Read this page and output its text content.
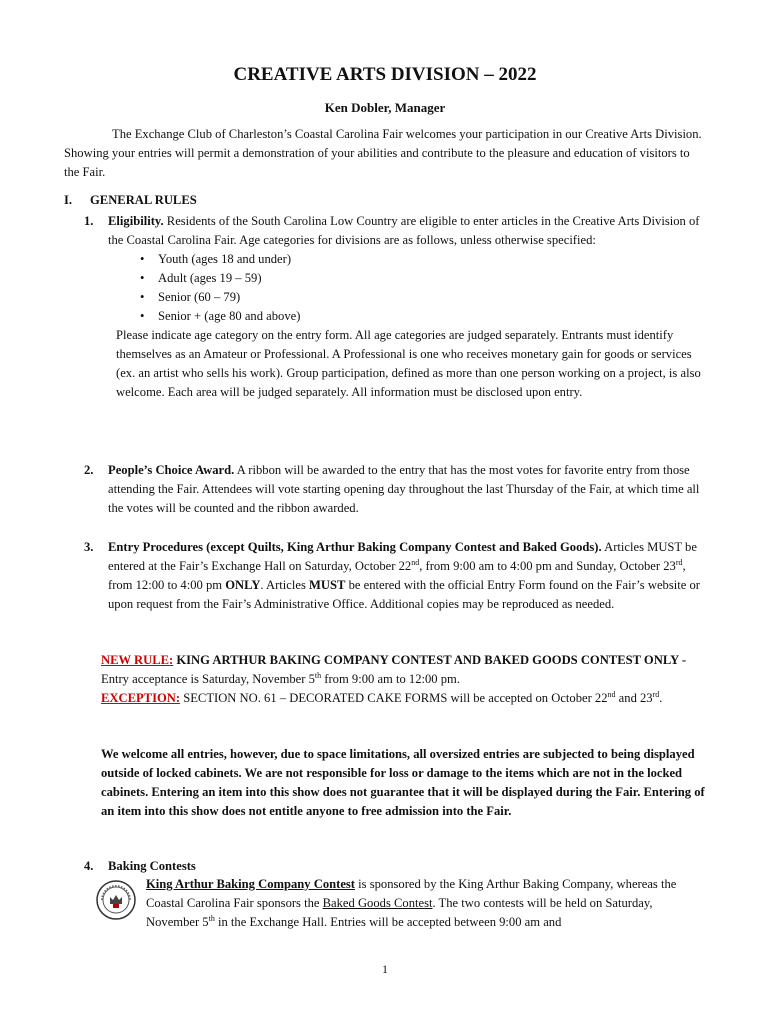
CREATIVE ARTS DIVISION – 2022
Ken Dobler, Manager
The Exchange Club of Charleston’s Coastal Carolina Fair welcomes your participation in our Creative Arts Division. Showing your entries will permit a demonstration of your abilities and contribute to the pleasure and education of visitors to the Fair.
I. GENERAL RULES
1. Eligibility. Residents of the South Carolina Low Country are eligible to enter articles in the Creative Arts Division of the Coastal Carolina Fair. Age categories for divisions are as follows, unless otherwise specified:
• Youth (ages 18 and under)
• Adult (ages 19 – 59)
• Senior (60 – 79)
• Senior + (age 80 and above)
Please indicate age category on the entry form. All age categories are judged separately. Entrants must identify themselves as an Amateur or Professional. A Professional is one who receives monetary gain for goods or services (ex. an artist who sells his work). Group participation, defined as more than one person working on a project, is also welcome. Each area will be judged separately. All information must be disclosed upon entry.
2. People’s Choice Award. A ribbon will be awarded to the entry that has the most votes for favorite entry from those attending the Fair. Attendees will vote starting opening day throughout the last Thursday of the Fair, at which time all the votes will be counted and the ribbon awarded.
3. Entry Procedures (except Quilts, King Arthur Baking Company Contest and Baked Goods). Articles MUST be entered at the Fair’s Exchange Hall on Saturday, October 22nd, from 9:00 am to 4:00 pm and Sunday, October 23rd, from 12:00 to 4:00 pm ONLY. Articles MUST be entered with the official Entry Form found on the Fair’s website or upon request from the Fair’s Administrative Office. Additional copies may be reproduced as needed.
NEW RULE: KING ARTHUR BAKING COMPANY CONTEST AND BAKED GOODS CONTEST ONLY - Entry acceptance is Saturday, November 5th from 9:00 am to 12:00 pm.
EXCEPTION: SECTION NO. 61 – DECORATED CAKE FORMS will be accepted on October 22nd and 23rd.
We welcome all entries, however, due to space limitations, all oversized entries are subjected to being displayed outside of locked cabinets. We are not responsible for loss or damage to the items which are not in the locked cabinets. Entering an item into this show does not guarantee that it will be displayed during the Fair. Entering of an item into this show does not entitle anyone to free admission into the Fair.
4. Baking Contests
King Arthur Baking Company Contest is sponsored by the King Arthur Baking Company, whereas the Coastal Carolina Fair sponsors the Baked Goods Contest. The two contests will be held on Saturday, November 5th in the Exchange Hall. Entries will be accepted between 9:00 am and
1
